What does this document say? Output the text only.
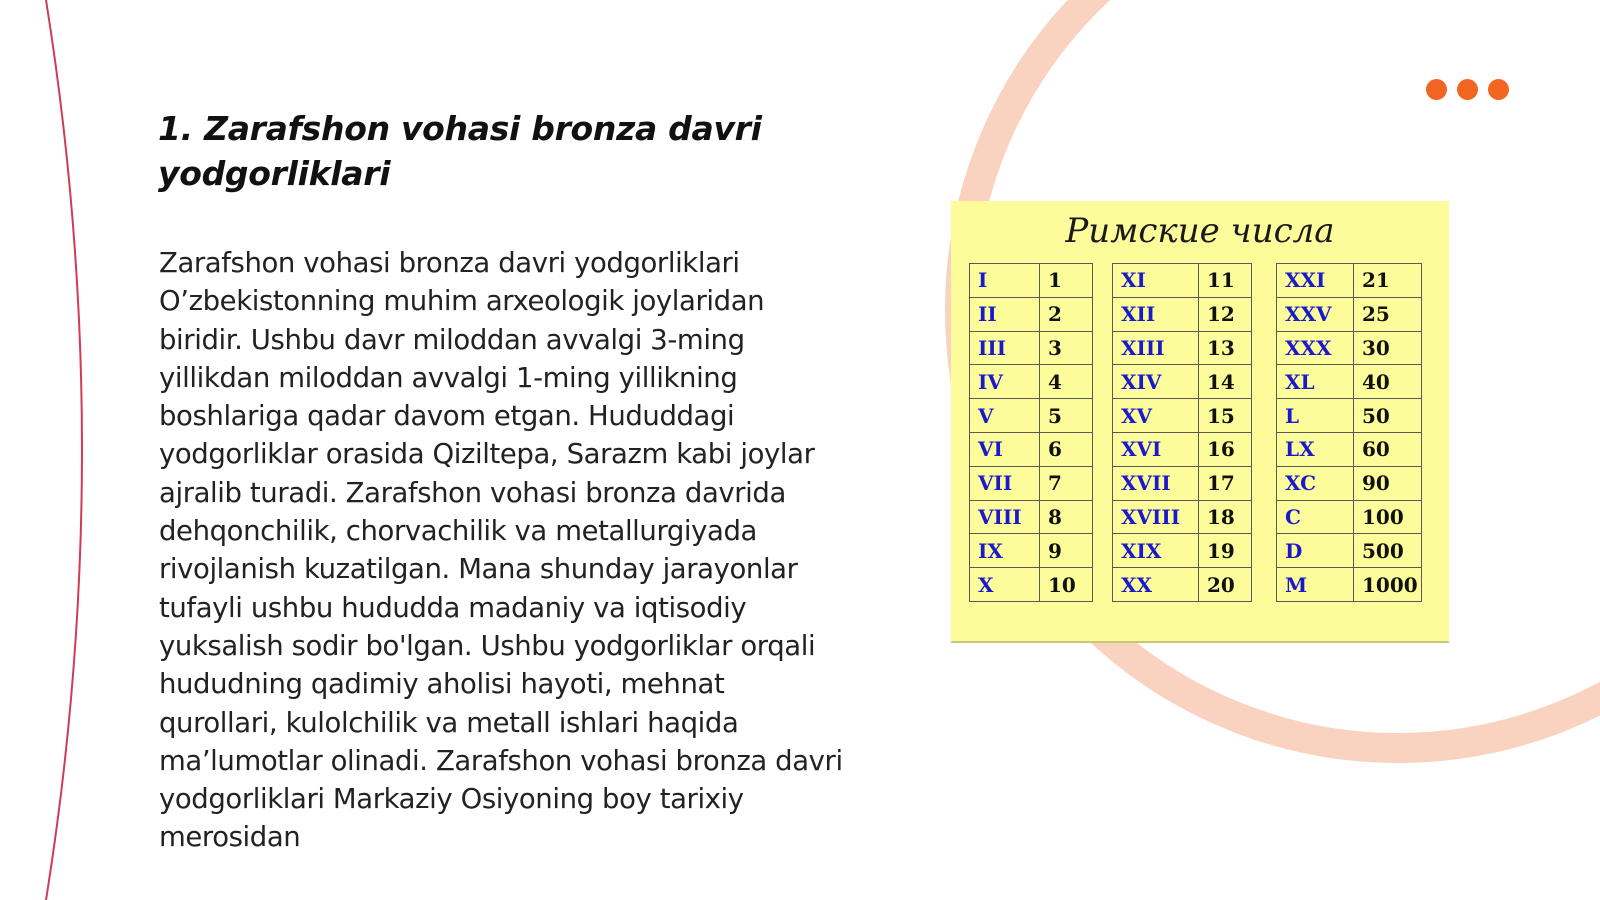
1. Zarafshon vohasi bronza davri yodgorliklari

Zarafshon vohasi bronza davri yodgorliklari O’zbekistonning muhim arxeologik joylaridan biridir. Ushbu davr miloddan avvalgi 3-ming yillikdan miloddan avvalgi 1-ming yillikning boshlariga qadar davom etgan. Hududdagi yodgorliklar orasida Qiziltepa, Sarazm kabi joylar ajralib turadi. Zarafshon vohasi bronza davrida dehqonchilik, chorvachilik va metallurgiyada rivojlanish kuzatilgan. Mana shunday jarayonlar tufayli ushbu hududda madaniy va iqtisodiy yuksalish sodir bo'lgan. Ushbu yodgorliklar orqali hududning qadimiy aholisi hayoti, mehnat qurollari, kulolchilik va metall ishlari haqida ma’lumotlar olinadi. Zarafshon vohasi bronza davri yodgorliklari Markaziy Osiyoning boy tarixiy merosidan

Римские числа
I	1
II	2
III	3
IV	4
V	5
VI	6
VII	7
VIII	8
IX	9
X	10
XI	11
XII	12
XIII	13
XIV	14
XV	15
XVI	16
XVII	17
XVIII	18
XIX	19
XX	20
XXI	21
XXV	25
XXX	30
XL	40
L	50
LX	60
XC	90
C	100
D	500
M	1000
